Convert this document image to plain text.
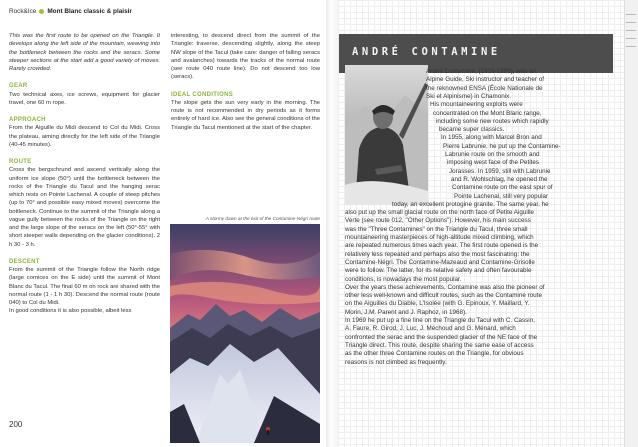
Rock&Ice Mont Blanc classic & plaisir

This was the first route to be opened on the Triangle. It develops along the left side of the mountain, weaving into the bottleneck between the rocks and the seracs. Some steeper sections at the start add a good variety of moves. Rarely crowded.

GEAR

Two technical axes, ice screws, equipment for glacier travel, one 60 m rope.

APPROACH

From the Aiguille du Midi descend to Col du Midi. Cross the plateau, aiming directly for the left side of the Triangle (40-45 minutes).

ROUTE

Cross the bergschrund and ascend vertically along the uniform ice slope (50°) until the bottleneck between the rocks of the Triangle du Tacul and the hanging serac which rests on Pointe Lachenal. A couple of steep pitches (up to 70° and possible easy mixed moves) overcome the bottleneck. Continue to the summit of the Triangle along a vague gully between the rocks of the Triangle on the right and the large slope of the seracs on the left (50°-55° with short steeper walls depending on the glacier conditions). 2 h 30 - 3 h.

DESCENT

From the summit of the Triangle follow the North ridge (large cornices on the E side) until the summit of Mont Blanc du Tacul. The final 60 m on rock are shared with the normal route (1 - 1 h 30). Descend the normal route (route 040) to Col du Midi.

In good conditions it is also possible, albeit less

interesting, to descend direct from the summit of the Triangle: traverse, descending slightly, along the steep NW slope of the Tacul (take care: danger of falling seracs and avalanches) towards the tracks of the normal route (see route 040 route line). Do not descend too low (seracs).

IDEAL CONDITIONS

The slope gets the sun very early in the morning. The route is not recommended in dry periods as it forms entirely of hard ice. Also see the general conditions of the Triangle du Tacul mentioned at the start of the chapter.

A stormy dawn at the exit of the Contamine-Négri route
200
ANDRÉ CONTAMINE
André Contamine, (1919-1985), was an
Alpine Guide, Ski instructor and teacher of
the reknowned ENSA (École Nationale de
Ski et Alpinisme) in Chamonix.
His mountaineering exploits were
concentrated on the Mont Blanc range,
including some new routes which rapidly
became super classics.
In 1955, along with Marcel Bron and
Pierre Labrunie, he put up the Contamine-
Labrunie route on the smooth and
imposing west face of the Petites
Jorasses. In 1959, still with Labrunie
and R. Wohlschlag, he opened the
Contamine route on the east spur of
Pointe Lachenal, still very popular
today, an excellent protogine granite. The same year, he
also put up the small glacial route on the north face of Petite Aiguille
Verte (see route 012, "Other Options"). However, his main success
was the "Three Contamines" on the Triangle du Tacul, three small
mountaineering masterpieces of high-altitude mixed climbing, which
are repeated numerous times each year. The first route opened is the
relatively less repeated and perhaps also the most fascinating: the
Contamine-Négri. The Contamine-Mazeaud and Contamine-Grisolle
were to follow. The latter, for its relative safety and often favourable
conditions, is nowadays the most popular.
Over the years these achievements, Contamine was also the pioneer of
other less well-known and difficult routes, such as the Contamine route
on the Aiguilles du Diable, L'Isolée (with G. Epinoux, Y. Maillard, Y.
Morin, J.M. Parent and J. Raphoz, in 1968).
In 1969 he put up a fine line on the Triangle du Tacul with C. Cassin,
A. Faure, R. Girod, J. Luc, J. Méchoud and G. Ménard, which
confronted the serac and the suspended glacier of the NE face of the
Triangle direct. This route, despite sharing the same ease of access
as the other three Contamine routes on the Triangle, for obvious
reasons is not climbed as frequently.
